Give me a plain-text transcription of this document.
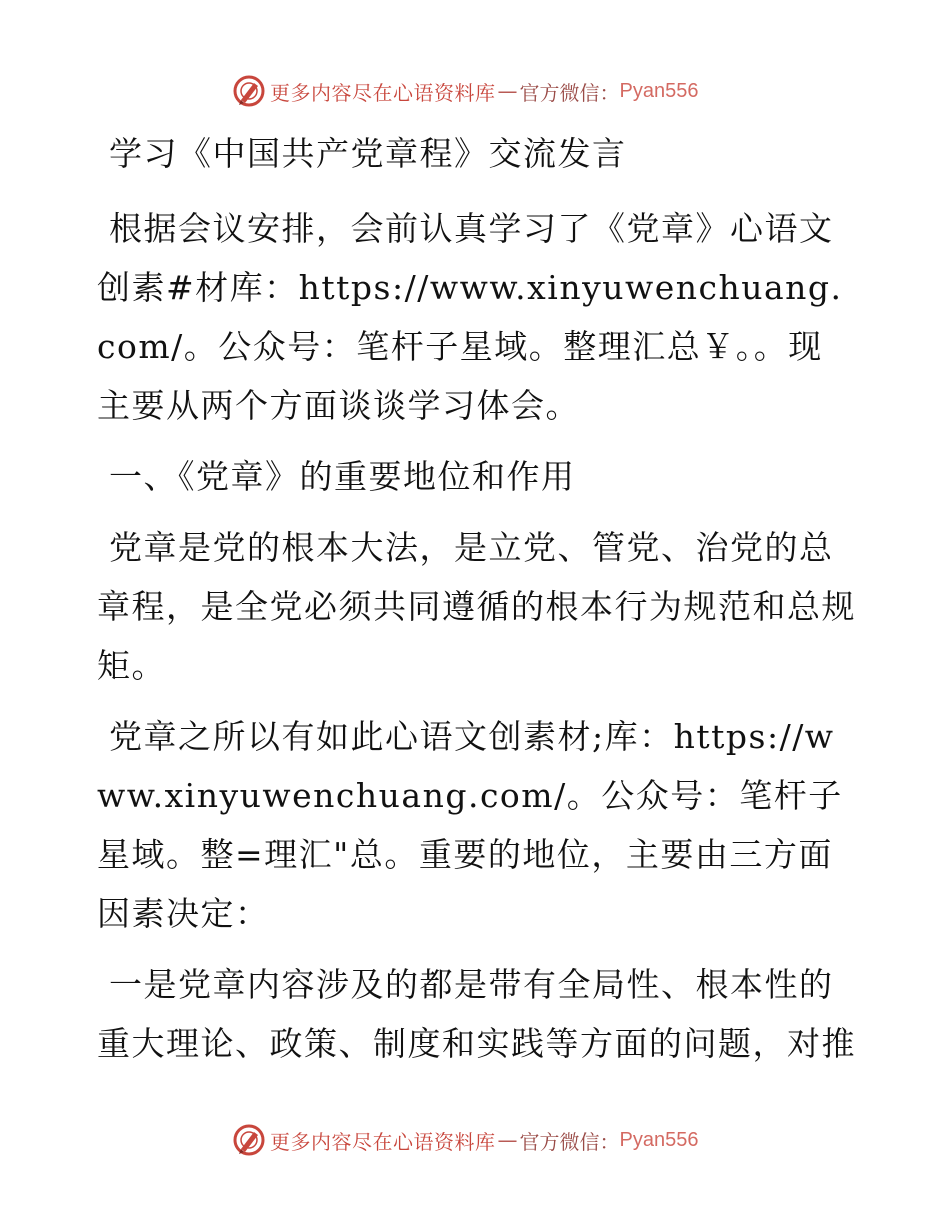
更多内容尽在心语资料库 — 官方微信： Pyan556

学习《中国共产党章程》交流发言

根据会议安排，会前认真学习了《党章》心语文创素#材库：https://www.xinyuwenchuang.com/。公众号：笔杆子星域。整理汇总￥。。现主要从两个方面谈谈学习体会。

一、《党章》的重要地位和作用

党章是党的根本大法，是立党、管党、治党的总章程，是全党必须共同遵循的根本行为规范和总规矩。

党章之所以有如此心语文创素材;库：https://www.xinyuwenchuang.com/。公众号：笔杆子星域。整=理汇"总。重要的地位，主要由三方面因素决定：

一是党章内容涉及的都是带有全局性、根本性的重大理论、政策、制度和实践等方面的问题，对推

更多内容尽在心语资料库 — 官方微信： Pyan556
